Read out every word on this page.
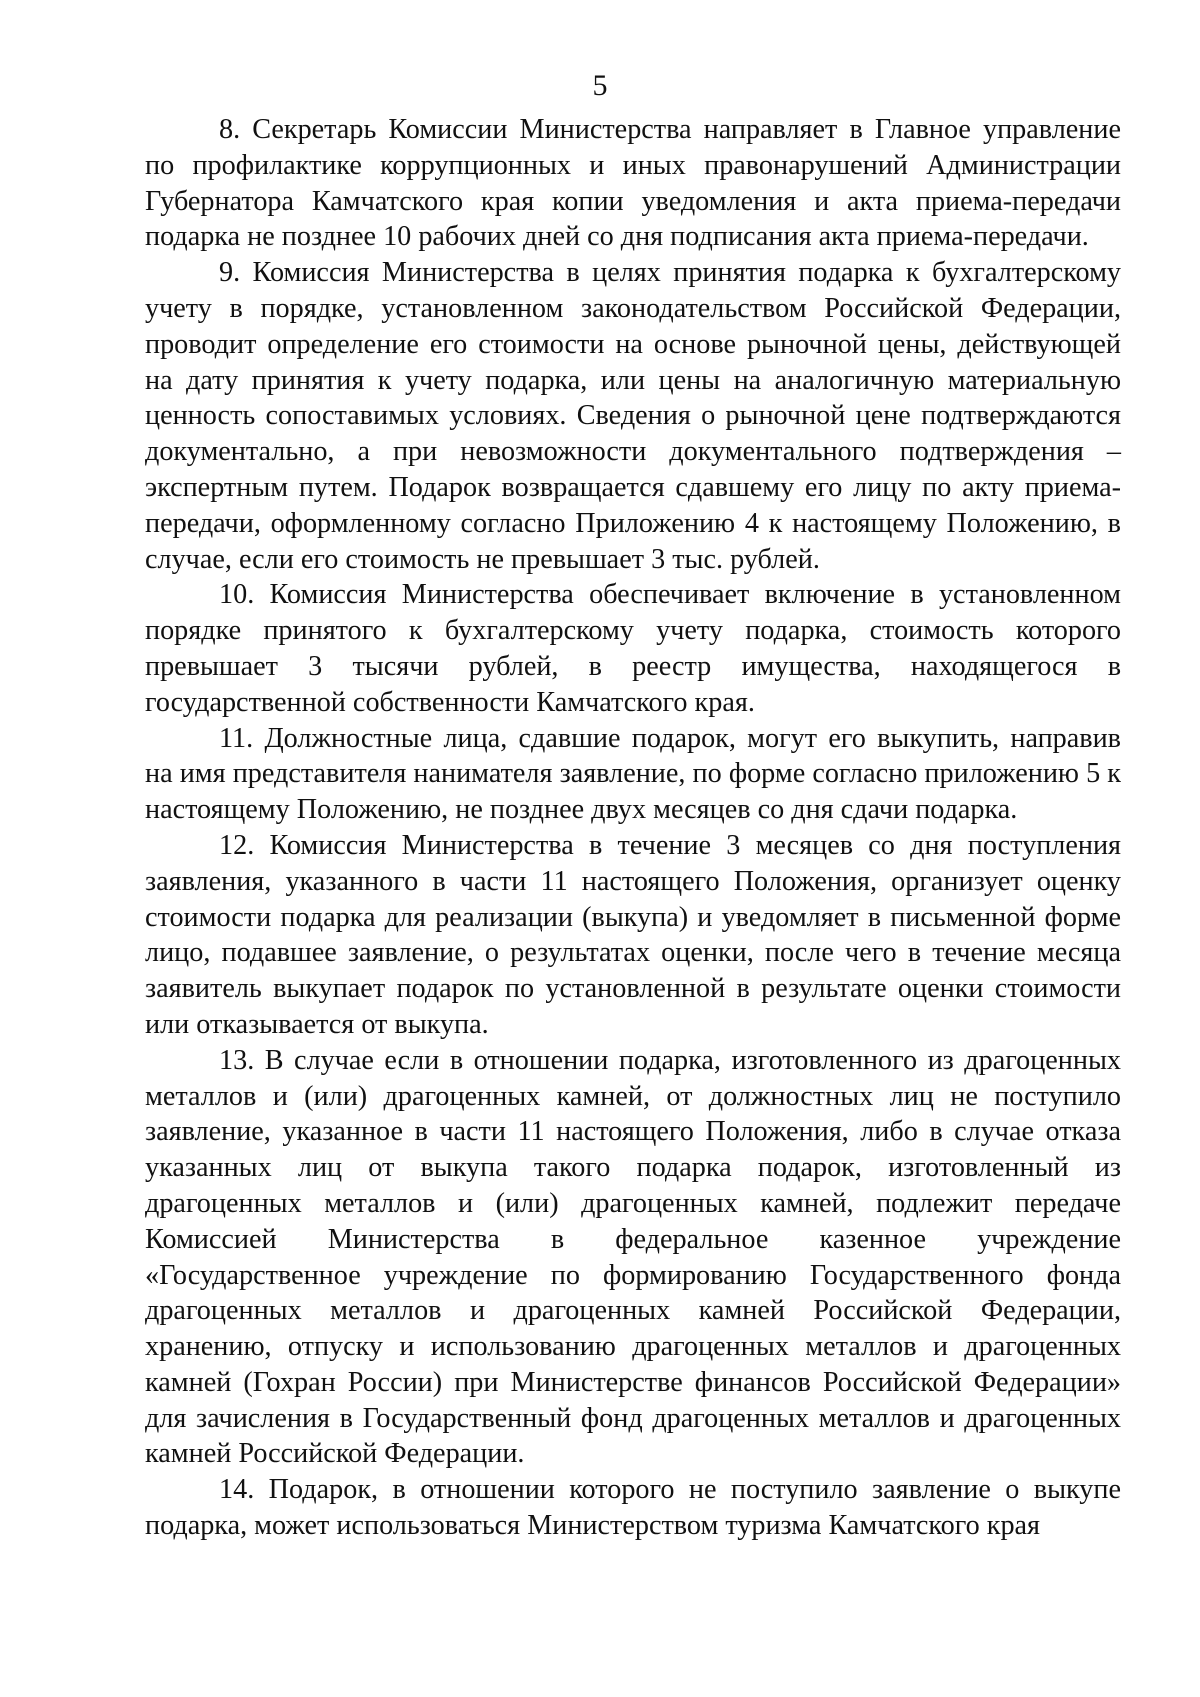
5

8. Секретарь Комиссии Министерства направляет в Главное управление по профилактике коррупционных и иных правонарушений Администрации Губернатора Камчатского края копии уведомления и акта приема-передачи подарка не позднее 10 рабочих дней со дня подписания акта приема-передачи.

9. Комиссия Министерства в целях принятия подарка к бухгалтерскому учету в порядке, установленном законодательством Российской Федерации, проводит определение его стоимости на основе рыночной цены, действующей на дату принятия к учету подарка, или цены на аналогичную материальную ценность сопоставимых условиях. Сведения о рыночной цене подтверждаются документально, а при невозможности документального подтверждения – экспертным путем. Подарок возвращается сдавшему его лицу по акту приема-передачи, оформленному согласно Приложению 4 к настоящему Положению, в случае, если его стоимость не превышает 3 тыс. рублей.

10. Комиссия Министерства обеспечивает включение в установленном порядке принятого к бухгалтерскому учету подарка, стоимость которого превышает 3 тысячи рублей, в реестр имущества, находящегося в государственной собственности Камчатского края.

11. Должностные лица, сдавшие подарок, могут его выкупить, направив на имя представителя нанимателя заявление, по форме согласно приложению 5 к настоящему Положению, не позднее двух месяцев со дня сдачи подарка.

12. Комиссия Министерства в течение 3 месяцев со дня поступления заявления, указанного в части 11 настоящего Положения, организует оценку стоимости подарка для реализации (выкупа) и уведомляет в письменной форме лицо, подавшее заявление, о результатах оценки, после чего в течение месяца заявитель выкупает подарок по установленной в результате оценки стоимости или отказывается от выкупа.

13. В случае если в отношении подарка, изготовленного из драгоценных металлов и (или) драгоценных камней, от должностных лиц не поступило заявление, указанное в части 11 настоящего Положения, либо в случае отказа указанных лиц от выкупа такого подарка подарок, изготовленный из драгоценных металлов и (или) драгоценных камней, подлежит передаче Комиссией Министерства в федеральное казенное учреждение «Государственное учреждение по формированию Государственного фонда драгоценных металлов и драгоценных камней Российской Федерации, хранению, отпуску и использованию драгоценных металлов и драгоценных камней (Гохран России) при Министерстве финансов Российской Федерации» для зачисления в Государственный фонд драгоценных металлов и драгоценных камней Российской Федерации.

14. Подарок, в отношении которого не поступило заявление о выкупе подарка, может использоваться Министерством туризма Камчатского края
